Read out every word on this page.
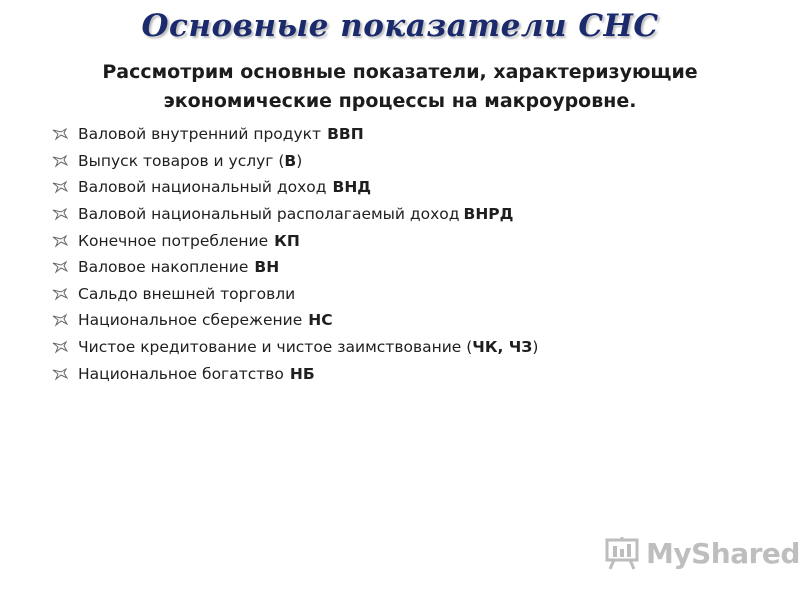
Основные показатели СНС
Рассмотрим основные показатели, характеризующие
экономические процессы на макроуровне.
Валовой внутренний продукт ВВП
Выпуск товаров и услуг ( В )
Валовой национальный доход ВНД
Валовой национальный располагаемый доход ВНРД
Конечное потребление КП
Валовое накопление ВН
Сальдо внешней торговли
Национальное сбережение НС
Чистое кредитование и чистое заимствование ( ЧК, ЧЗ )
Национальное богатство НБ
MyShared
